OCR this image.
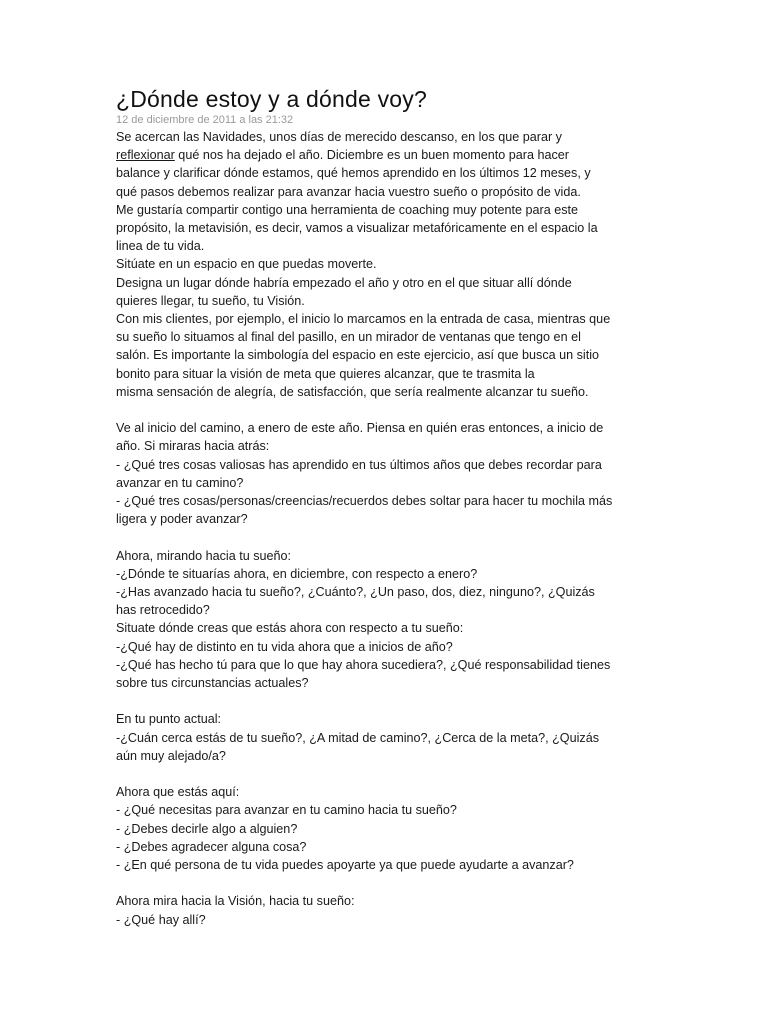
¿Dónde estoy y a dónde voy?
12 de diciembre de 2011 a las 21:32

Se acercan las Navidades, unos días de merecido descanso, en los que parar y

reflexionar qué nos ha dejado el año. Diciembre es un buen momento para hacer

balance y clarificar dónde estamos, qué hemos aprendido en los últimos 12 meses, y

qué pasos debemos realizar para avanzar hacia vuestro sueño o propósito de vida.

Me gustaría compartir contigo una herramienta de coaching muy potente para este

propósito, la metavisión, es decir, vamos a visualizar metafóricamente en el espacio la

linea de tu vida.

Sitúate en un espacio en que puedas moverte.

Designa un lugar dónde habría empezado el año y otro en el que situar allí dónde

quieres llegar, tu sueño, tu Visión.

Con mis clientes, por ejemplo, el inicio lo marcamos en la entrada de casa, mientras que

su sueño lo situamos al final del pasillo, en un mirador de ventanas que tengo en el

salón. Es importante la simbología del espacio en este ejercicio, así que busca un sitio

bonito para situar la visión de meta que quieres alcanzar, que te trasmita la

misma sensación de alegría, de satisfacción, que sería realmente alcanzar tu sueño.

Ve al inicio del camino, a enero de este año. Piensa en quién eras entonces, a inicio de

año. Si miraras hacia atrás:

- ¿Qué tres cosas valiosas has aprendido en tus últimos años que debes recordar para

avanzar en tu camino?

- ¿Qué tres cosas/personas/creencias/recuerdos debes soltar para hacer tu mochila más

ligera y poder avanzar?

Ahora, mirando hacia tu sueño:

-¿Dónde te situarías ahora, en diciembre, con respecto a enero?

-¿Has avanzado hacia tu sueño?, ¿Cuánto?, ¿Un paso, dos, diez, ninguno?, ¿Quizás

has retrocedido?

Situate dónde creas que estás ahora con respecto a tu sueño:

-¿Qué hay de distinto en tu vida ahora que a inicios de año?

-¿Qué has hecho tú para que lo que hay ahora sucediera?, ¿Qué responsabilidad tienes

sobre tus circunstancias actuales?

En tu punto actual:

-¿Cuán cerca estás de tu sueño?, ¿A mitad de camino?, ¿Cerca de la meta?, ¿Quizás

aún muy alejado/a?

Ahora que estás aquí:

- ¿Qué necesitas para avanzar en tu camino hacia tu sueño?

- ¿Debes decirle algo a alguien?

- ¿Debes agradecer alguna cosa?

- ¿En qué persona de tu vida puedes apoyarte ya que puede ayudarte a avanzar?

Ahora mira hacia la Visión, hacia tu sueño:

- ¿Qué hay allí?
